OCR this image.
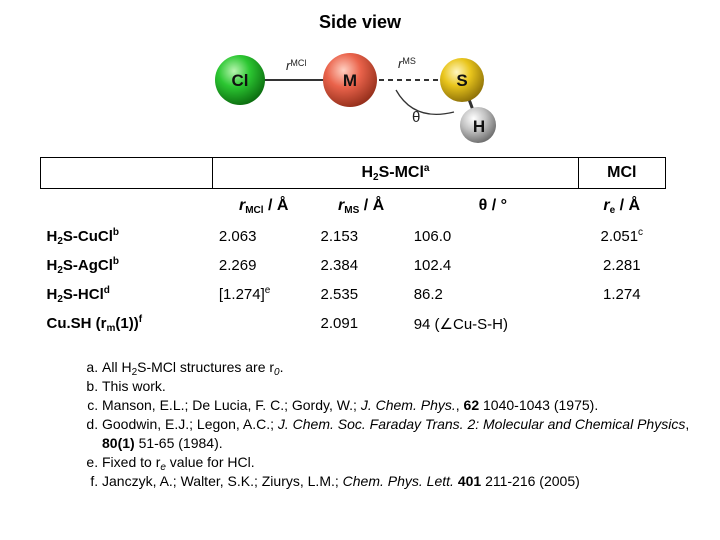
Side view
Cl	M	S
H
$r^{MCl}$	$r^{MS}$
θ
	$H_2S-MCl^a$			MCl
	$r_{MCl}$ / Å	$r_{MS}$ / Å	θ / °	$r_e$ / Å
$H_2S-CuCl^b$	2.063	2.153	106.0	2.051$^c$
$H_2S-AgCl^b$	2.269	2.384	102.4	2.281
$H_2S-HCl^d$	$[1.274]^e$	2.535	86.2	1.274
Cu.SH $(r_m(1))^f$		2.091	94 (∠Cu-S-H)	
a. All $H_2S$-MCl structures are $r_0$.
b. This work.
c. Manson, E.L.; De Lucia, F. C.; Gordy, W.; J. Chem. Phys., 62 1040-1043 (1975).
d. Goodwin, E.J.; Legon, A.C.; J. Chem. Soc. Faraday Trans. 2: Molecular and Chemical Physics, 80(1) 51-65 (1984).
e. Fixed to $r_e$ value for HCl.
f. Janczyk, A.; Walter, S.K.; Ziurys, L.M.; Chem. Phys. Lett. 401 211-216 (2005)
